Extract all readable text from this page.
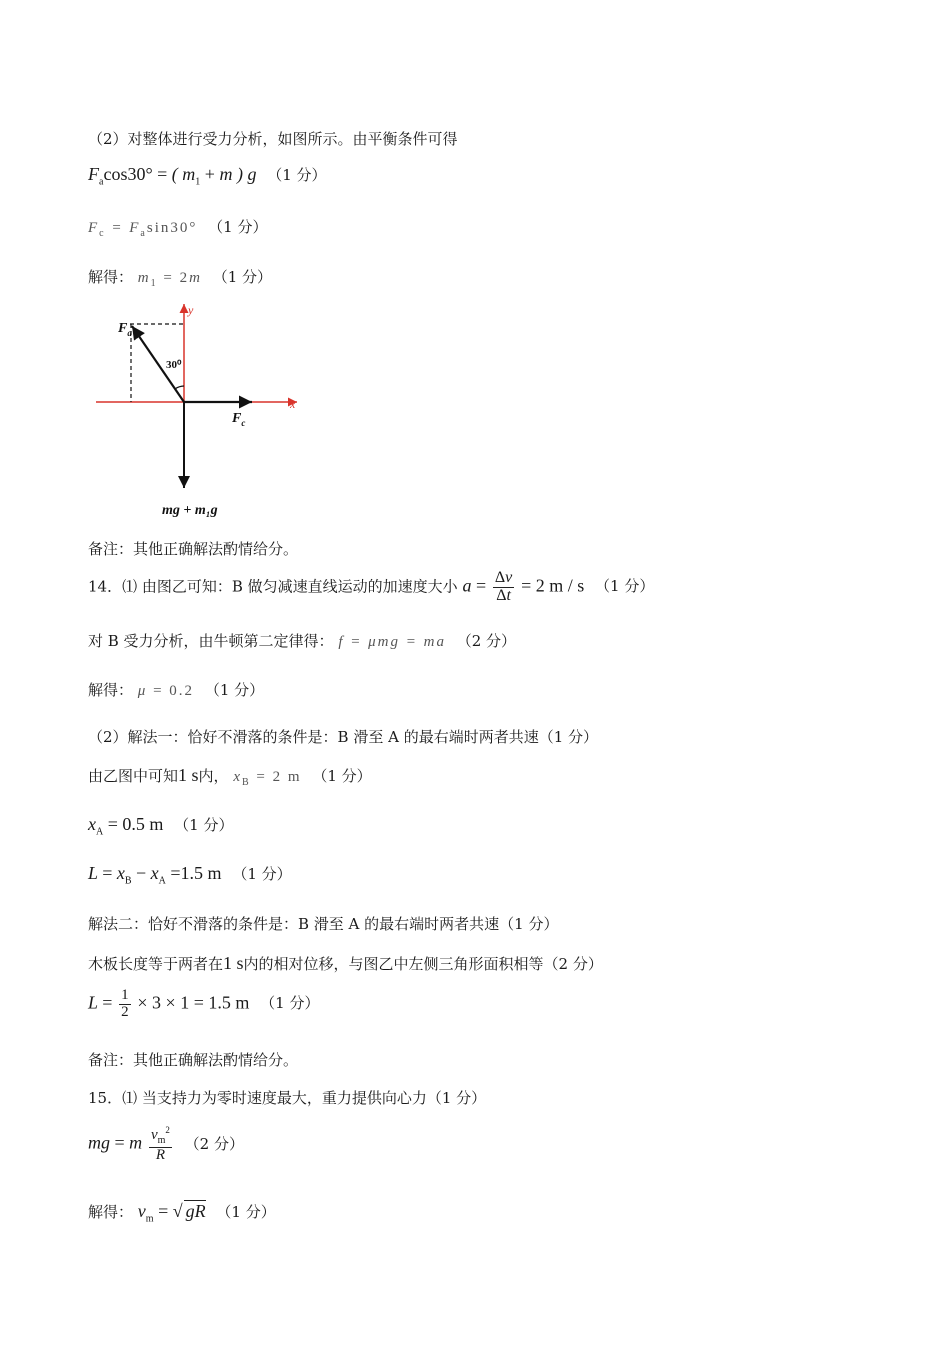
（2）对整体进行受力分析，如图所示。由平衡条件可得
$F_a\cos 30^\circ$ = ( $m_1 + m$ ) g （1 分）
$F_c = F_a\sin 30^\circ$ （1 分）
解得： $m_1 = 2m$ （1 分）
$F_a$
30⁰
y
x
$F_c$
mg + m₁g
备注：其他正确解法酌情给分。
14．⑴ 由图乙可知：B 做匀减速直线运动的加速度大小 $a = \frac{\Delta v}{\Delta t} = 2$ m / s （1 分）
对 B 受力分析，由牛顿第二定律得： f = μmg = ma （2 分）
解得： μ = 0.2 （1 分）
（2）解法一：恰好不滑落的条件是：B 滑至 A 的最右端时两者共速（1 分）
由乙图中可知1 s内， $x_B = 2$ m （1 分）
$x_A = 0.5$ m （1 分）
$L = x_B - x_A =1.5$ m （1 分）
解法二：恰好不滑落的条件是：B 滑至 A 的最右端时两者共速（1 分）
木板长度等于两者在1 s内的相对位移，与图乙中左侧三角形面积相等（2 分）
$L = \frac{1}{2} \times 3 \times 1 = 1.5$ m （1 分）
备注：其他正确解法酌情给分。
15．⑴ 当支持力为零时速度最大，重力提供向心力（1 分）
mg = m $\frac{v_m^2}{R} (2$ 分）
解得： $v_m$ = √ gR （1 分）
